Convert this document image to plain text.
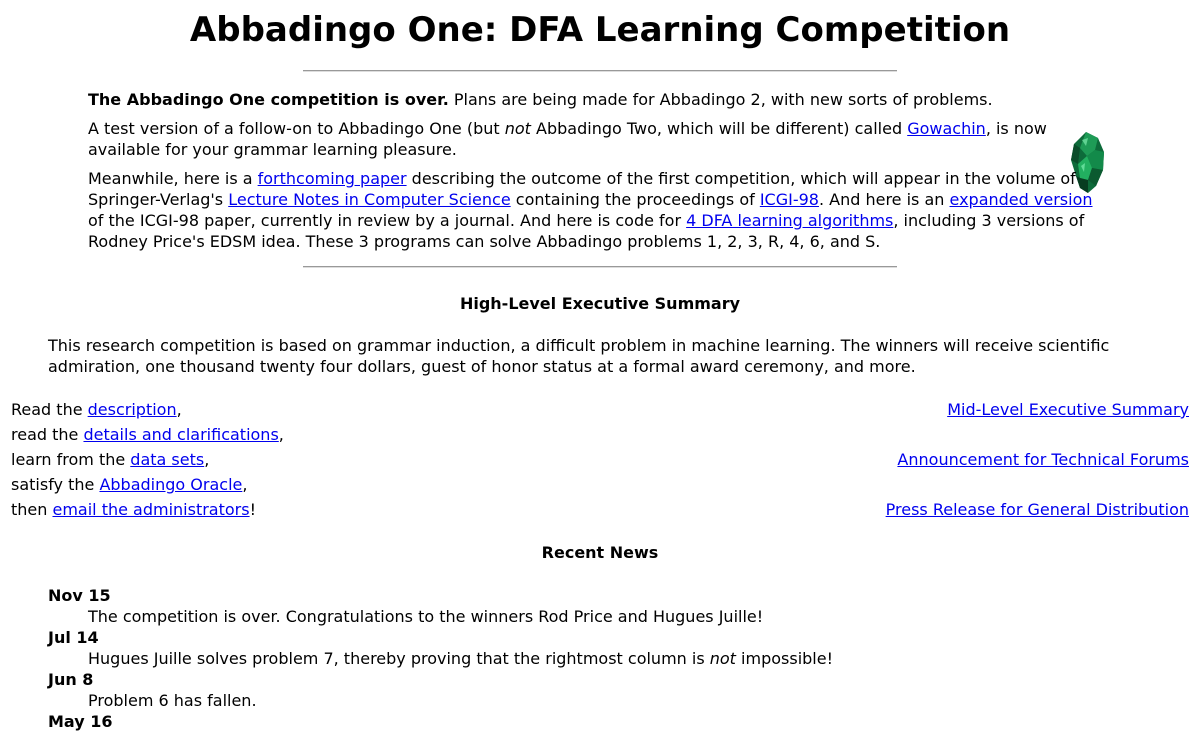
Abbadingo One: DFA Learning Competition

The Abbadingo One competition is over. Plans are being made for Abbadingo 2, with new sorts of problems.

A test version of a follow-on to Abbadingo One (but not Abbadingo Two, which will be different) called Gowachin, is now available for your grammar learning pleasure.

Meanwhile, here is a forthcoming paper describing the outcome of the first competition, which will appear in the volume of Springer-Verlag's Lecture Notes in Computer Science containing the proceedings of ICGI-98. And here is an expanded version of the ICGI-98 paper, currently in review by a journal. And here is code for 4 DFA learning algorithms, including 3 versions of Rodney Price's EDSM idea. These 3 programs can solve Abbadingo problems 1, 2, 3, R, 4, 6, and S.

High-Level Executive Summary
This research competition is based on grammar induction, a difficult problem in machine learning. The winners will receive scientific admiration, one thousand twenty four dollars, guest of honor status at a formal award ceremony, and more.
Read the description,
read the details and clarifications,
learn from the data sets,
satisfy the Abbadingo Oracle,
then email the administrators!
Mid-Level Executive Summary
Announcement for Technical Forums
Press Release for General Distribution
Recent News
Nov 15
The competition is over. Congratulations to the winners Rod Price and Hugues Juille!
Jul 14
Hugues Juille solves problem 7, thereby proving that the rightmost column is not impossible!
Jun 8
Problem 6 has fallen.
May 16
